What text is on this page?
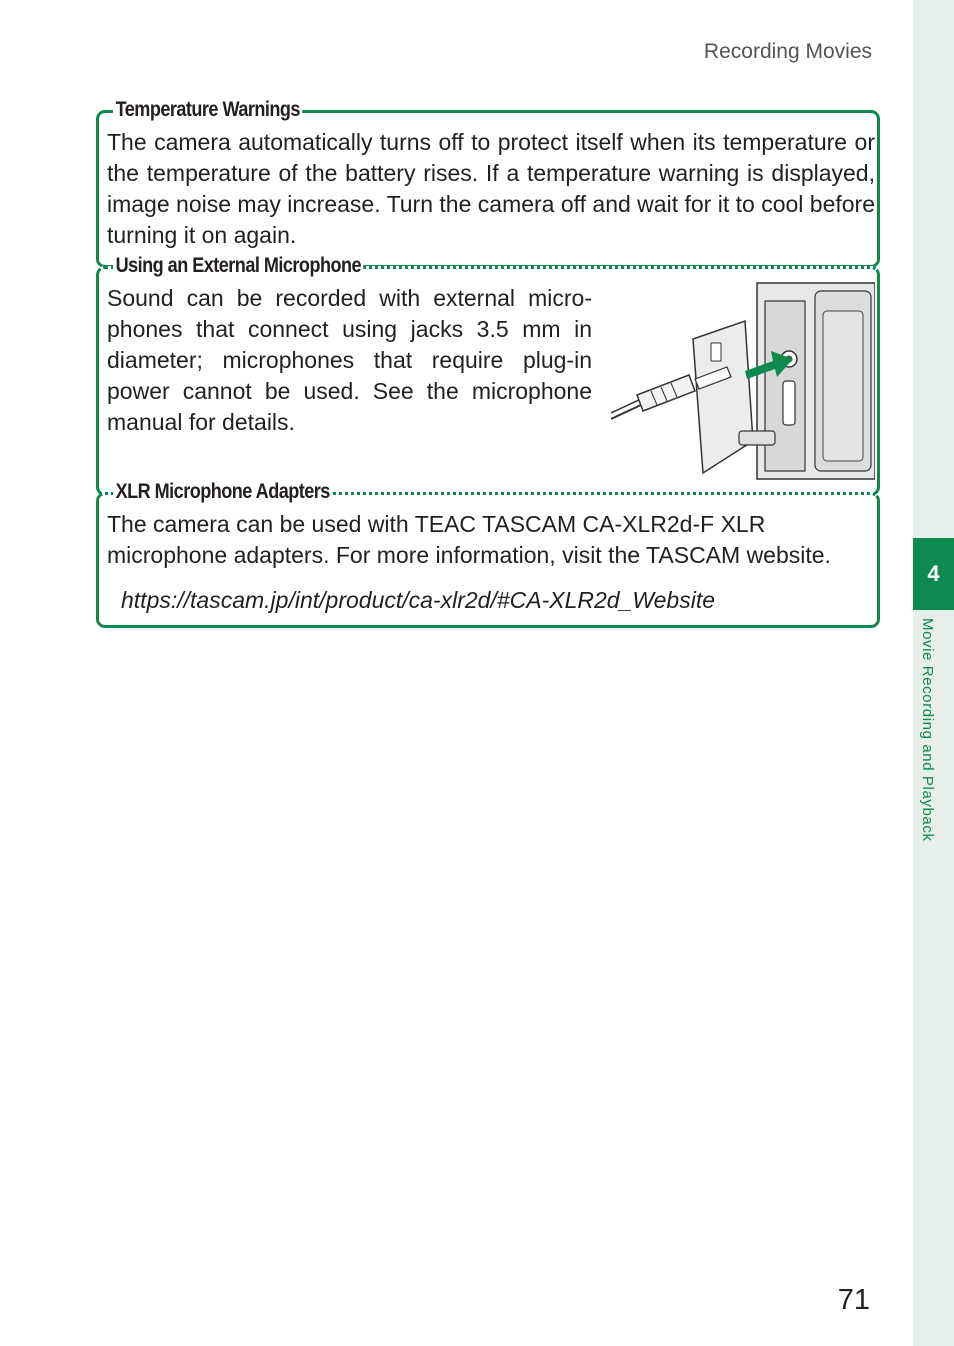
4
Movie Recording and Playback
Recording Movies
Temperature Warnings
The camera automatically turns off to protect itself when its temperature or the temperature of the battery rises. If a temperature warning is displayed, image noise may increase. Turn the camera off and wait for it to cool before turning it on again.
Using an External Microphone
Sound can be recorded with external micro-phones that connect using jacks 3.5 mm in diameter; microphones that require plug-in power cannot be used. See the microphone manual for details.
XLR Microphone Adapters
The camera can be used with TEAC TASCAM CA-XLR2d-F XLR microphone adapters. For more information, visit the TASCAM website.
https://tascam.jp/int/product/ca-xlr2d/#CA-XLR2d_Website
71
